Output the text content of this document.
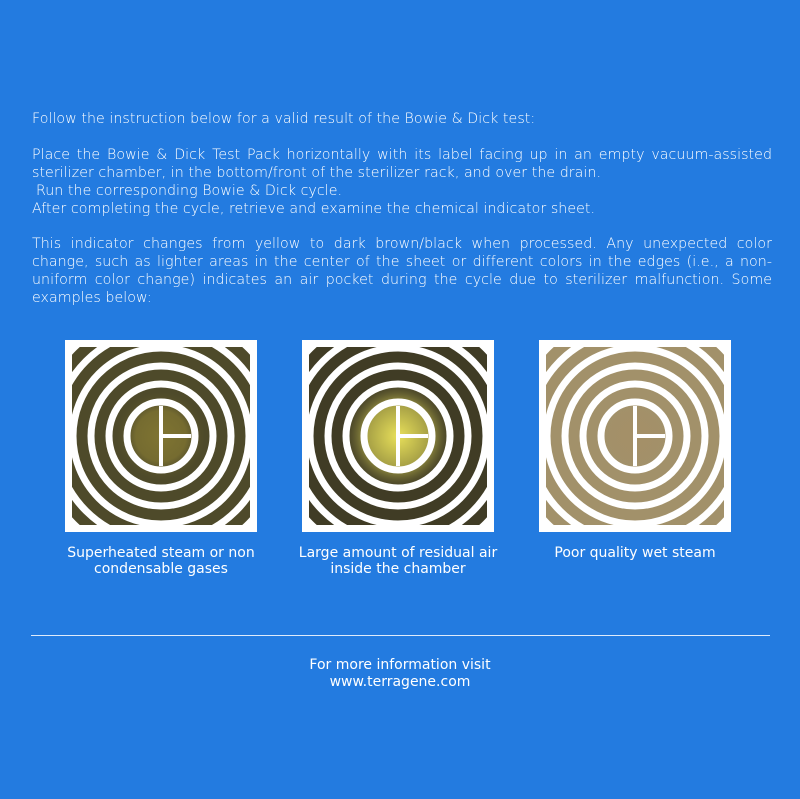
Follow the instruction below for a valid result of the Bowie & Dick test:
Place the Bowie & Dick Test Pack horizontally with its label facing up in an empty vacuum-assisted sterilizer chamber, in the bottom/front of the sterilizer rack, and over the drain.
Run the corresponding Bowie & Dick cycle.
After completing the cycle, retrieve and examine the chemical indicator sheet.
This indicator changes from yellow to dark brown/black when processed. Any unexpected color change, such as lighter areas in the center of the sheet or different colors in the edges (i.e., a non-uniform color change) indicates an air pocket during the cycle due to sterilizer malfunction. Some examples below:
Superheated steam or non condensable gases
Large amount of residual air inside the chamber
Poor quality wet steam
For more information visit
www.terragene.com
